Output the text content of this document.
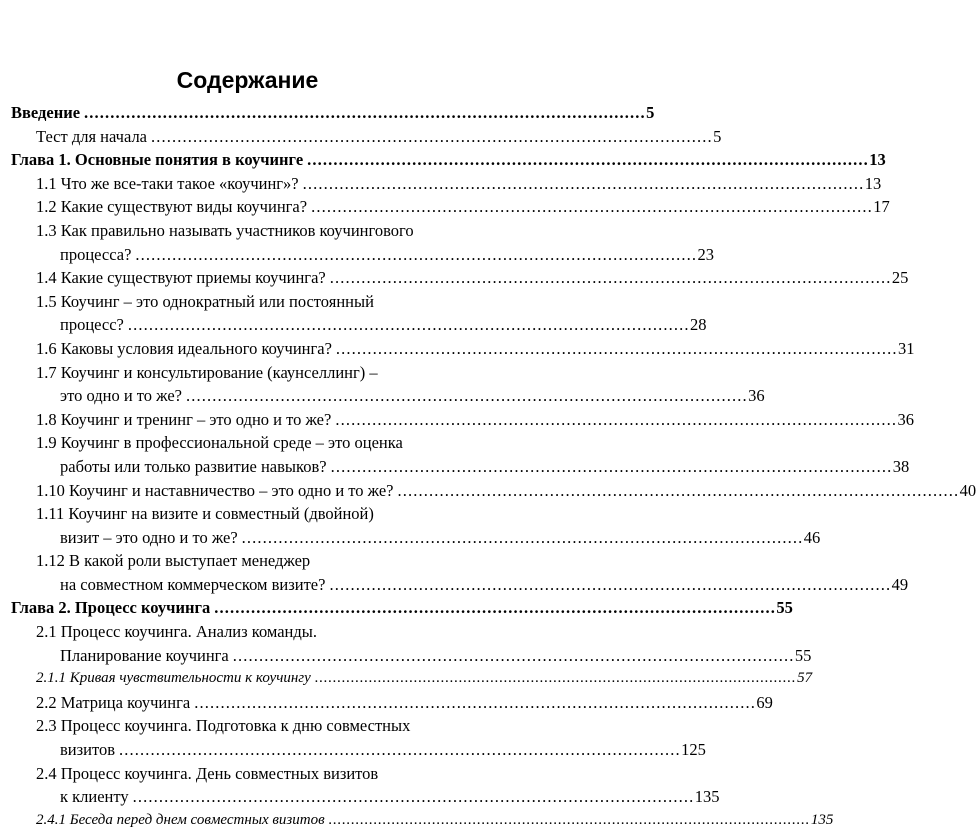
Содержание
Введение . . .	5
Тест для начала . . .	5
Глава 1. Основные понятия в коучинге . . .	13
1.1 Что же все-таки такое «коучинг»? . . .	13
1.2 Какие существуют виды коучинга? . . .	17
1.3 Как правильно называть участников коучингового
процесса? . . .	23
1.4 Какие существуют приемы коучинга? . . .	25
1.5 Коучинг – это однократный или постоянный
процесс? . . .	28
1.6 Каковы условия идеального коучинга? . . .	31
1.7 Коучинг и консультирование (каунселлинг) –
это одно и то же? . . .	36
1.8 Коучинг и тренинг – это одно и то же? . . .	36
1.9 Коучинг в профессиональной среде – это оценка
работы или только развитие навыков? . . .	38
1.10 Коучинг и наставничество – это одно и то же? . . .	40
1.11 Коучинг на визите и совместный (двойной)
визит – это одно и то же? . . .	46
1.12 В какой роли выступает менеджер
на совместном коммерческом визите? . . .	49
Глава 2. Процесс коучинга . . .	55
2.1 Процесс коучинга. Анализ команды.
Планирование коучинга . . .	55
2.1.1 Кривая чувствительности к коучингу . . .	57
2.2 Матрица коучинга . . .	69
2.3 Процесс коучинга. Подготовка к дню совместных
визитов . . .	125
2.4 Процесс коучинга. День совместных визитов
к клиенту . . .	135
2.4.1 Беседа перед днем совместных визитов . . .	135
